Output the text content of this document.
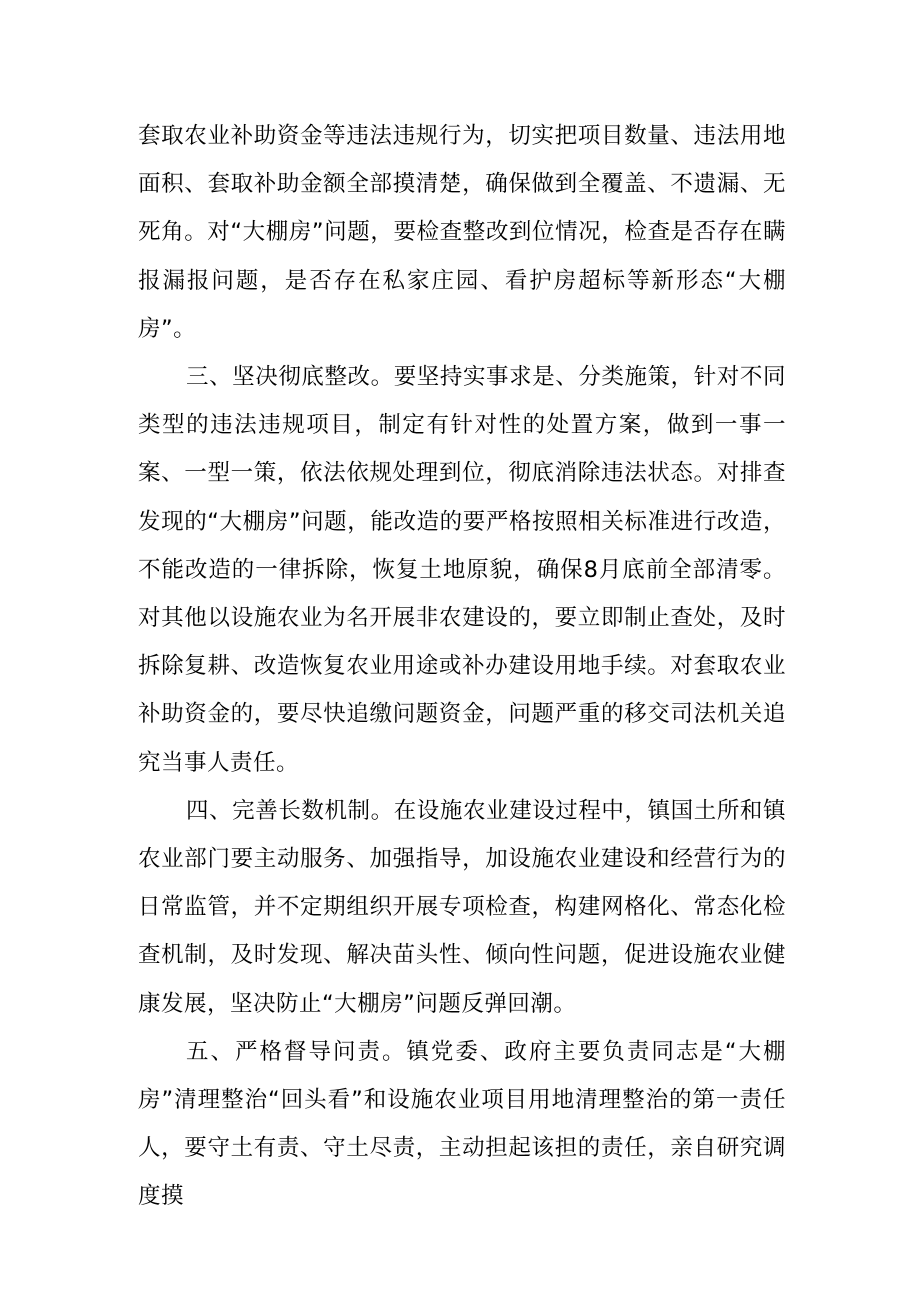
套取农业补助资金等违法违规行为，切实把项目数量、违法用地面积、套取补助金额全部摸清楚，确保做到全覆盖、不遗漏、无死角。对“大棚房”问题，要检查整改到位情况，检查是否存在瞒报漏报问题，是否存在私家庄园、看护房超标等新形态“大棚房”。

三、坚决彻底整改。要坚持实事求是、分类施策，针对不同类型的违法违规项目，制定有针对性的处置方案，做到一事一案、一型一策，依法依规处理到位，彻底消除违法状态。对排查发现的“大棚房”问题，能改造的要严格按照相关标准进行改造，不能改造的一律拆除，恢复土地原貌，确保8月底前全部清零。对其他以设施农业为名开展非农建设的，要立即制止查处，及时拆除复耕、改造恢复农业用途或补办建设用地手续。对套取农业补助资金的，要尽快追缴问题资金，问题严重的移交司法机关追究当事人责任。

四、完善长数机制。在设施农业建设过程中，镇国土所和镇农业部门要主动服务、加强指导，加设施农业建设和经营行为的日常监管，并不定期组织开展专项检查，构建网格化、常态化检查机制，及时发现、解决苗头性、倾向性问题，促进设施农业健康发展，坚决防止“大棚房”问题反弹回潮。

五、严格督导问责。镇党委、政府主要负责同志是“大棚房”清理整治“回头看”和设施农业项目用地清理整治的第一责任人，要守土有责、守土尽责，主动担起该担的责任，亲自研究调度摸
